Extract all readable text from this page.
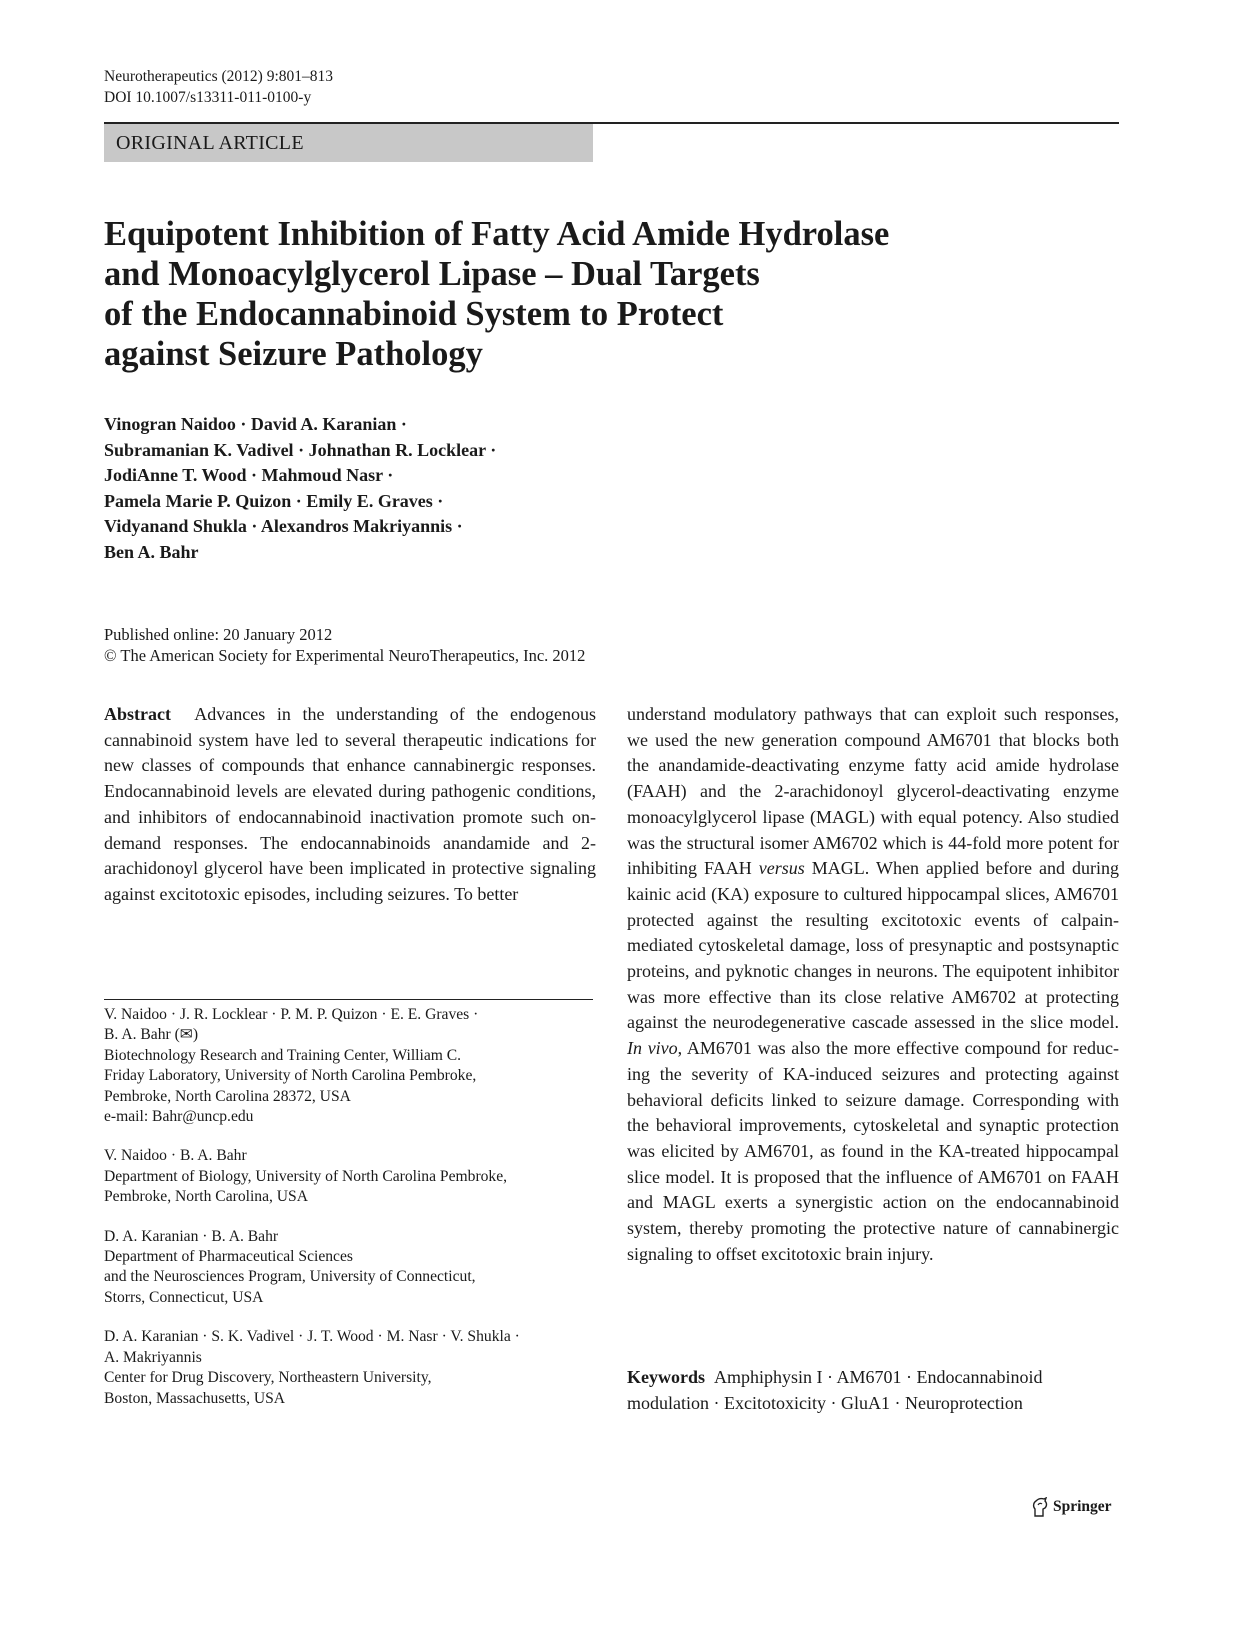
Neurotherapeutics (2012) 9:801–813
DOI 10.1007/s13311-011-0100-y
ORIGINAL ARTICLE
Equipotent Inhibition of Fatty Acid Amide Hydrolase
and Monoacylglycerol Lipase – Dual Targets
of the Endocannabinoid System to Protect
against Seizure Pathology
Vinogran Naidoo · David A. Karanian ·
Subramanian K. Vadivel · Johnathan R. Locklear ·
JodiAnne T. Wood · Mahmoud Nasr ·
Pamela Marie P. Quizon · Emily E. Graves ·
Vidyanand Shukla · Alexandros Makriyannis ·
Ben A. Bahr
Published online: 20 January 2012
© The American Society for Experimental NeuroTherapeutics, Inc. 2012

Abstract Advances in the understanding of the endogenous cannabinoid system have led to several therapeutic indications for new classes of compounds that enhance cannabinergic responses. Endocannabinoid levels are elevated during pathogenic conditions, and inhibitors of endocannabinoid inactivation promote such on-demand responses. The endocannabinoids anandamide and 2-arachidonoyl glycerol have been implicated in protective signaling against excitotoxic episodes, including seizures. To better

understand modulatory pathways that can exploit such responses, we used the new generation compound AM6701 that blocks both the anandamide-deactivating enzyme fatty acid amide hydrolase (FAAH) and the 2-arachidonoyl glycerol-deactivating enzyme monoacylglycerol lipase (MAGL) with equal potency. Also studied was the structural isomer AM6702 which is 44-fold more potent for inhibiting FAAH versus MAGL. When applied before and during kainic acid (KA) exposure to cultured hippocampal slices, AM6701 protected against the resulting excitotoxic events of calpain-mediated cytoskeletal damage, loss of presynaptic and postsynaptic proteins, and pyknotic changes in neurons. The equipotent inhibitor was more effective than its close relative AM6702 at protecting against the neurodegenerative cascade assessed in the slice model. In vivo, AM6701 was also the more effective compound for reducing the severity of KA-induced seizures and protecting against behavioral deficits linked to seizure damage. Corresponding with the behavioral improvements, cytoskeletal and synaptic protection was elicited by AM6701, as found in the KA-treated hippocampal slice model. It is proposed that the influence of AM6701 on FAAH and MAGL exerts a synergistic action on the endocannabinoid system, thereby promoting the protective nature of cannabinergic signaling to offset excitotoxic brain injury.

V. Naidoo · J. R. Locklear · P. M. P. Quizon · E. E. Graves ·
B. A. Bahr (✉)
Biotechnology Research and Training Center, William C.
Friday Laboratory, University of North Carolina Pembroke,
Pembroke, North Carolina 28372, USA
e-mail: Bahr@uncp.edu
V. Naidoo · B. A. Bahr
Department of Biology, University of North Carolina Pembroke,
Pembroke, North Carolina, USA
D. A. Karanian · B. A. Bahr
Department of Pharmaceutical Sciences
and the Neurosciences Program, University of Connecticut,
Storrs, Connecticut, USA
D. A. Karanian · S. K. Vadivel · J. T. Wood · M. Nasr · V. Shukla ·
A. Makriyannis
Center for Drug Discovery, Northeastern University,
Boston, Massachusetts, USA
Keywords Amphiphysin I · AM6701 · Endocannabinoid modulation · Excitotoxicity · GluA1 · Neuroprotection
Springer
